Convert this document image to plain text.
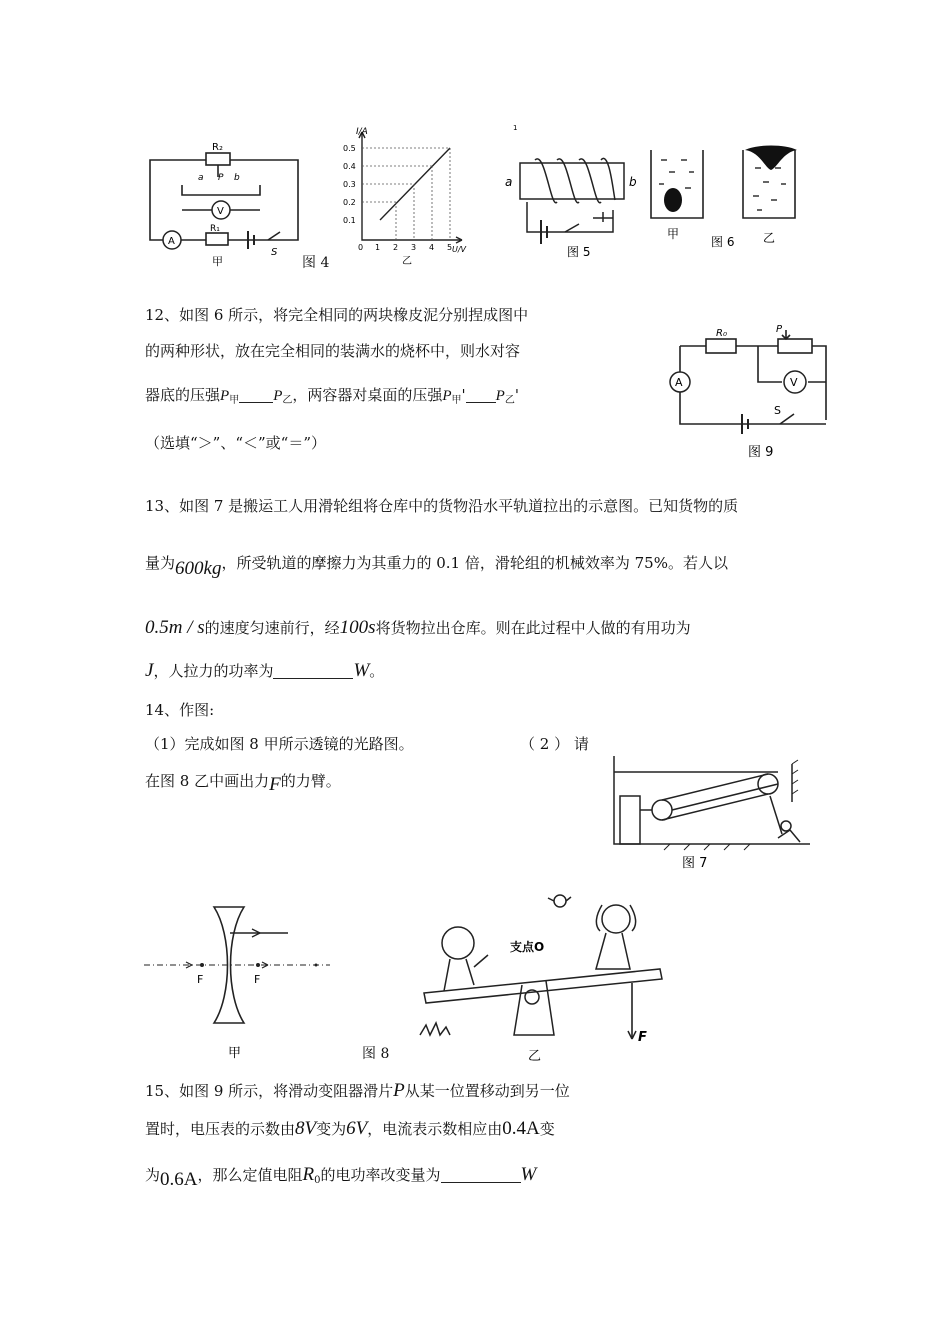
R₂
a P b
A
V
R₁
S
甲	图 4
I/A
0.1
0.2
0.3
0.4
0.5
0 1 2 3 4 5 U/V
乙
1
a	b
图 5
甲
图 6 乙
12、如图 6 所示，将完全相同的两块橡皮泥分别捏成图中
的两种形状，放在完全相同的装满水的烧杯中，则水对容
器底的压强$P_甲$ $P_乙$，两容器对桌面的压强$P_甲'$ $P_乙'$
（选填“＞”、“＜”或“＝”）
A	V
R₀	P
S
图 9
13、如图 7 是搬运工人用滑轮组将仓库中的货物沿水平轨道拉出的示意图。已知货物的质
量为600kg，所受轨道的摩擦力为其重力的 0.1 倍，滑轮组的机械效率为 75%。若人以
0.5m / s的速度匀速前行，经100s将货物拉出仓库。则在此过程中人做的有用功为
J，人拉力的功率为	W。
14、作图:
（1）完成如图 8 甲所示透镜的光路图。	（ 2 ） 请
在图 8 乙中画出力F的力臂。
图 7
F	F
甲	图 8
支点O
F
乙
15、如图 9 所示，将滑动变阻器滑片P从某一位置移动到另一位
置时，电压表的示数由8V变为6V，电流表示数相应由0.4A变
为0.6A，那么定值电阻$R_0$的电功率改变量为	W
